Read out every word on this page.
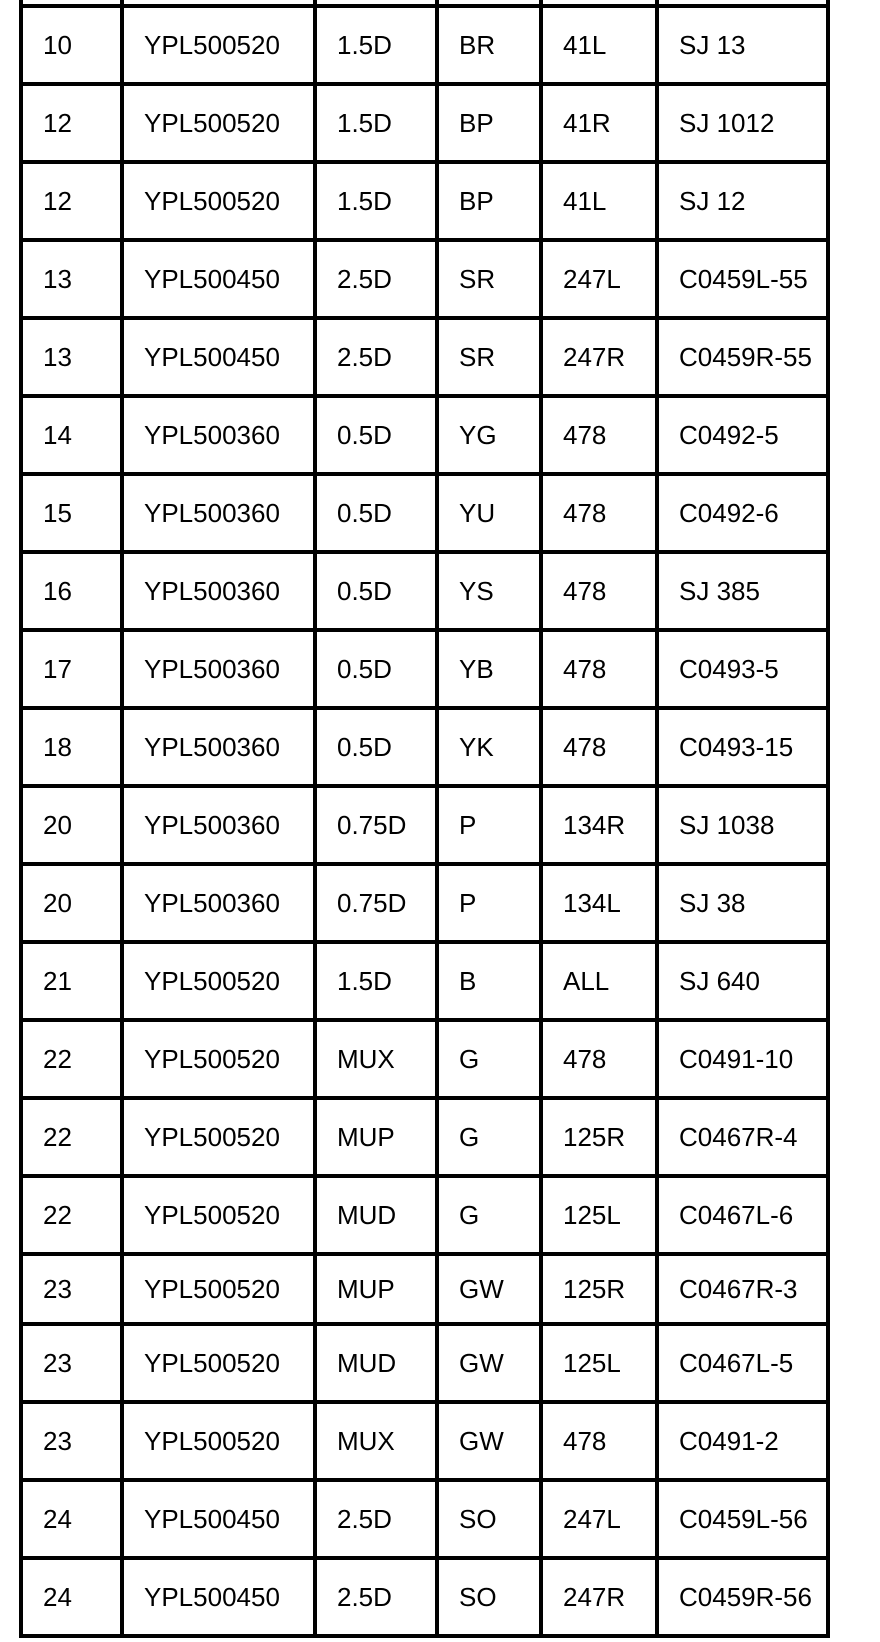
10	YPL500520	1.5D	BR	41L	SJ 13
12	YPL500520	1.5D	BP	41R	SJ 1012
12	YPL500520	1.5D	BP	41L	SJ 12
13	YPL500450	2.5D	SR	247L	C0459L-55
13	YPL500450	2.5D	SR	247R	C0459R-55
14	YPL500360	0.5D	YG	478	C0492-5
15	YPL500360	0.5D	YU	478	C0492-6
16	YPL500360	0.5D	YS	478	SJ 385
17	YPL500360	0.5D	YB	478	C0493-5
18	YPL500360	0.5D	YK	478	C0493-15
20	YPL500360	0.75D	P	134R	SJ 1038
20	YPL500360	0.75D	P	134L	SJ 38
21	YPL500520	1.5D	B	ALL	SJ 640
22	YPL500520	MUX	G	478	C0491-10
22	YPL500520	MUP	G	125R	C0467R-4
22	YPL500520	MUD	G	125L	C0467L-6
23	YPL500520	MUP	GW	125R	C0467R-3
23	YPL500520	MUD	GW	125L	C0467L-5
23	YPL500520	MUX	GW	478	C0491-2
24	YPL500450	2.5D	SO	247L	C0459L-56
24	YPL500450	2.5D	SO	247R	C0459R-56
